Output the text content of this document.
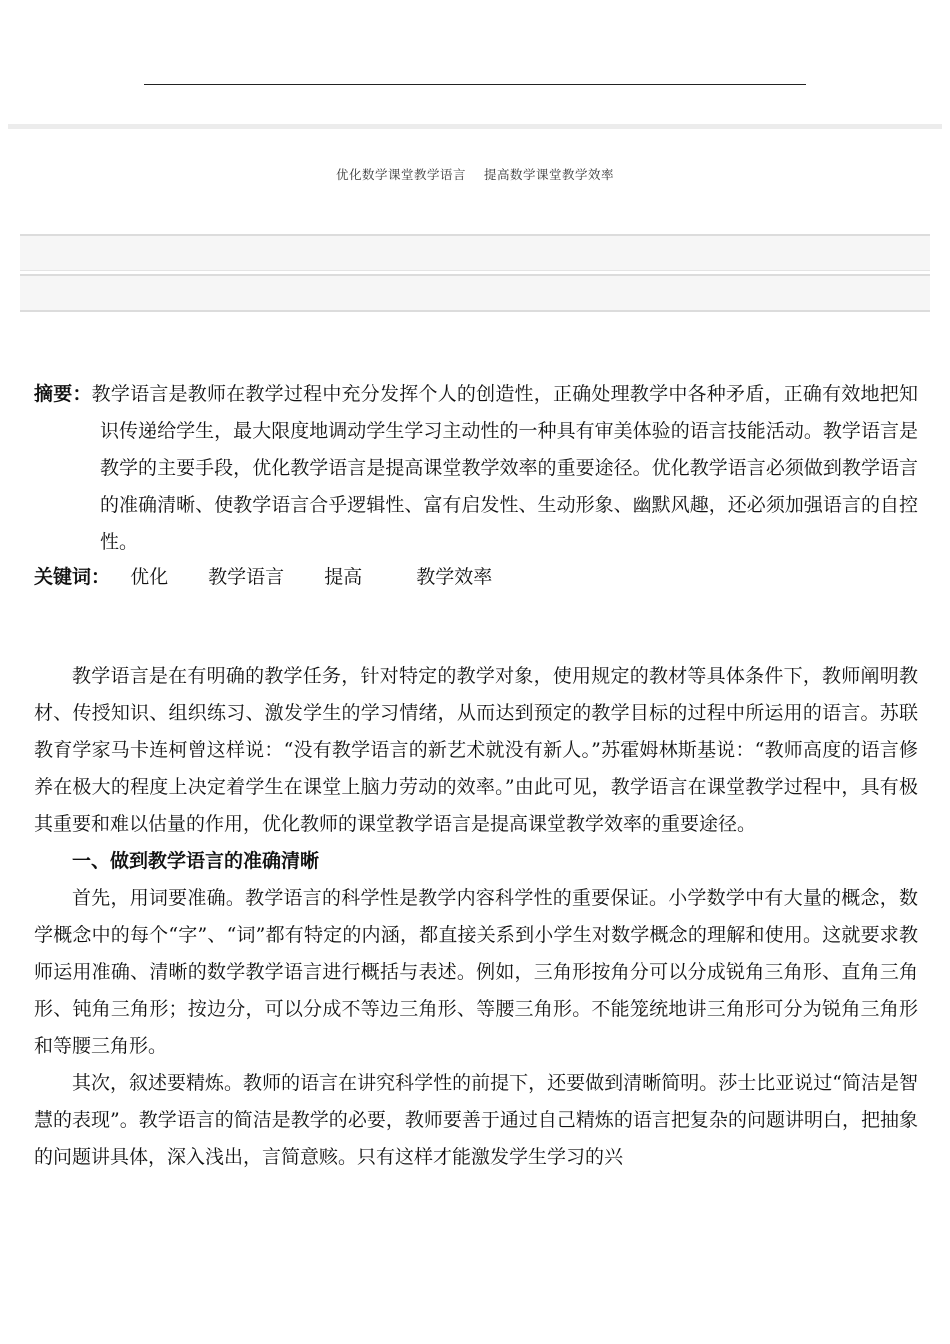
优化数学课堂教学语言    提高数学课堂教学效率
摘要：教学语言是教师在教学过程中充分发挥个人的创造性，正确处理教学中各种矛盾，正确有效地把知识传递给学生，最大限度地调动学生学习主动性的一种具有审美体验的语言技能活动。教学语言是教学的主要手段，优化教学语言是提高课堂教学效率的重要途径。优化教学语言必须做到教学语言的准确清晰、使教学语言合乎逻辑性、富有启发性、生动形象、幽默风趣，还必须加强语言的自控性。
关键词： 优化 教学语言 提高	教学效率

教学语言是在有明确的教学任务，针对特定的教学对象，使用规定的教材等具体条件下，教师阐明教材、传授知识、组织练习、激发学生的学习情绪，从而达到预定的教学目标的过程中所运用的语言。苏联教育学家马卡连柯曾这样说：“没有教学语言的新艺术就没有新人。”苏霍姆林斯基说：“教师高度的语言修养在极大的程度上决定着学生在课堂上脑力劳动的效率。”由此可见，教学语言在课堂教学过程中，具有极其重要和难以估量的作用，优化教师的课堂教学语言是提高课堂教学效率的重要途径。

一、做到教学语言的准确清晰

首先，用词要准确。教学语言的科学性是教学内容科学性的重要保证。小学数学中有大量的概念，数学概念中的每个“字”、“词”都有特定的内涵，都直接关系到小学生对数学概念的理解和使用。这就要求教师运用准确、清晰的数学教学语言进行概括与表述。例如，三角形按角分可以分成锐角三角形、直角三角形、钝角三角形；按边分，可以分成不等边三角形、等腰三角形。不能笼统地讲三角形可分为锐角三角形和等腰三角形。

其次，叙述要精炼。教师的语言在讲究科学性的前提下，还要做到清晰简明。莎士比亚说过“简洁是智慧的表现”。教学语言的简洁是教学的必要，教师要善于通过自己精炼的语言把复杂的问题讲明白，把抽象的问题讲具体，深入浅出，言简意赅。只有这样才能激发学生学习的兴
